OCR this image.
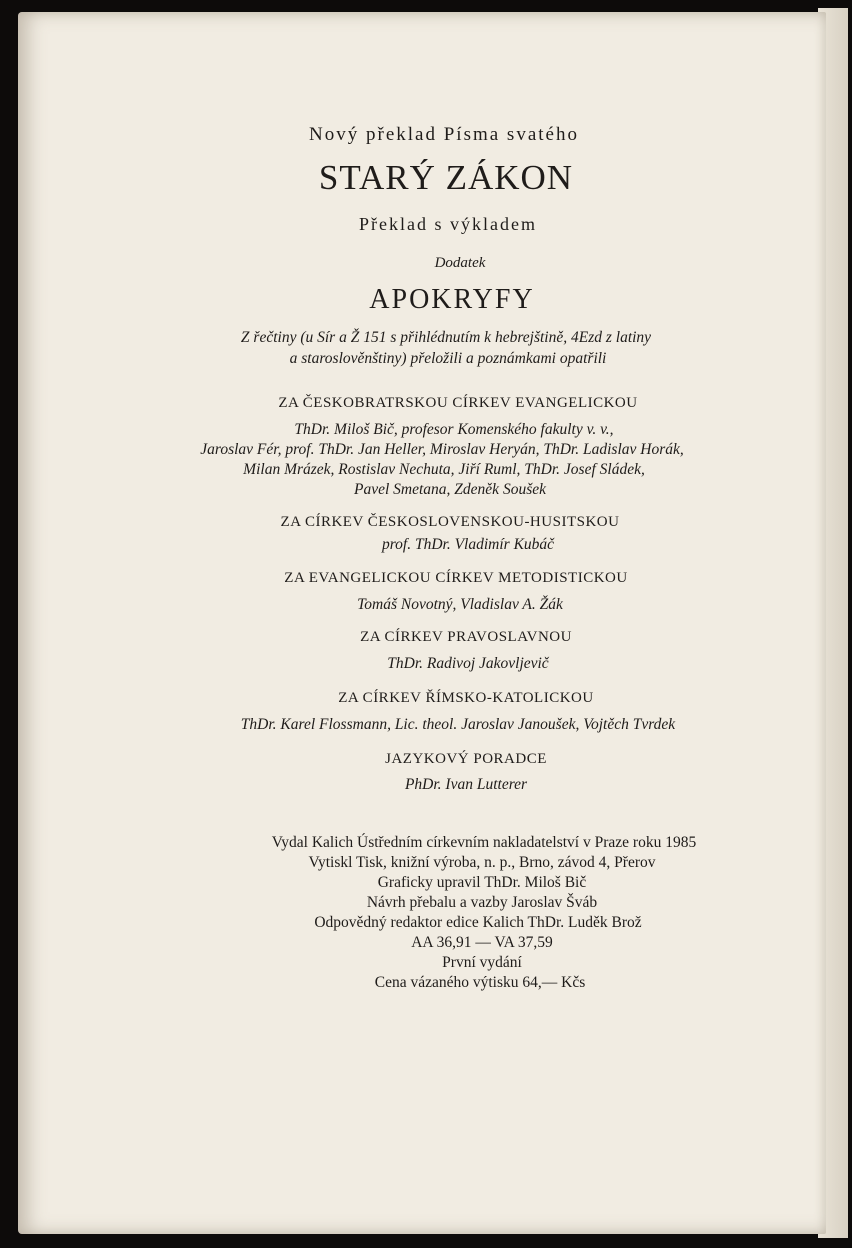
Nový překlad Písma svatého
STARÝ ZÁKON
Překlad s výkladem
Dodatek
APOKRYFY
Z řečtiny (u Sír a Ž 151 s přihlédnutím k hebrejštině, 4Ezd z latiny
a staroslověnštiny) přeložili a poznámkami opatřili
ZA ČESKOBRATRSKOU CÍRKEV EVANGELICKOU
ThDr. Miloš Bič, profesor Komenského fakulty v. v.,
Jaroslav Fér, prof. ThDr. Jan Heller, Miroslav Heryán, ThDr. Ladislav Horák,
Milan Mrázek, Rostislav Nechuta, Jiří Ruml, ThDr. Josef Sládek,
Pavel Smetana, Zdeněk Soušek
ZA CÍRKEV ČESKOSLOVENSKOU-HUSITSKOU
prof. ThDr. Vladimír Kubáč
ZA EVANGELICKOU CÍRKEV METODISTICKOU
Tomáš Novotný, Vladislav A. Žák
ZA CÍRKEV PRAVOSLAVNOU
ThDr. Radivoj Jakovljevič
ZA CÍRKEV ŘÍMSKO-KATOLICKOU
ThDr. Karel Flossmann, Lic. theol. Jaroslav Janoušek, Vojtěch Tvrdek
JAZYKOVÝ PORADCE
PhDr. Ivan Lutterer
Vydal Kalich Ústředním církevním nakladatelství v Praze roku 1985
Vytiskl Tisk, knižní výroba, n. p., Brno, závod 4, Přerov
Graficky upravil ThDr. Miloš Bič
Návrh přebalu a vazby Jaroslav Šváb
Odpovědný redaktor edice Kalich ThDr. Luděk Brož
AA 36,91 — VA 37,59
První vydání
Cena vázaného výtisku 64,— Kčs
